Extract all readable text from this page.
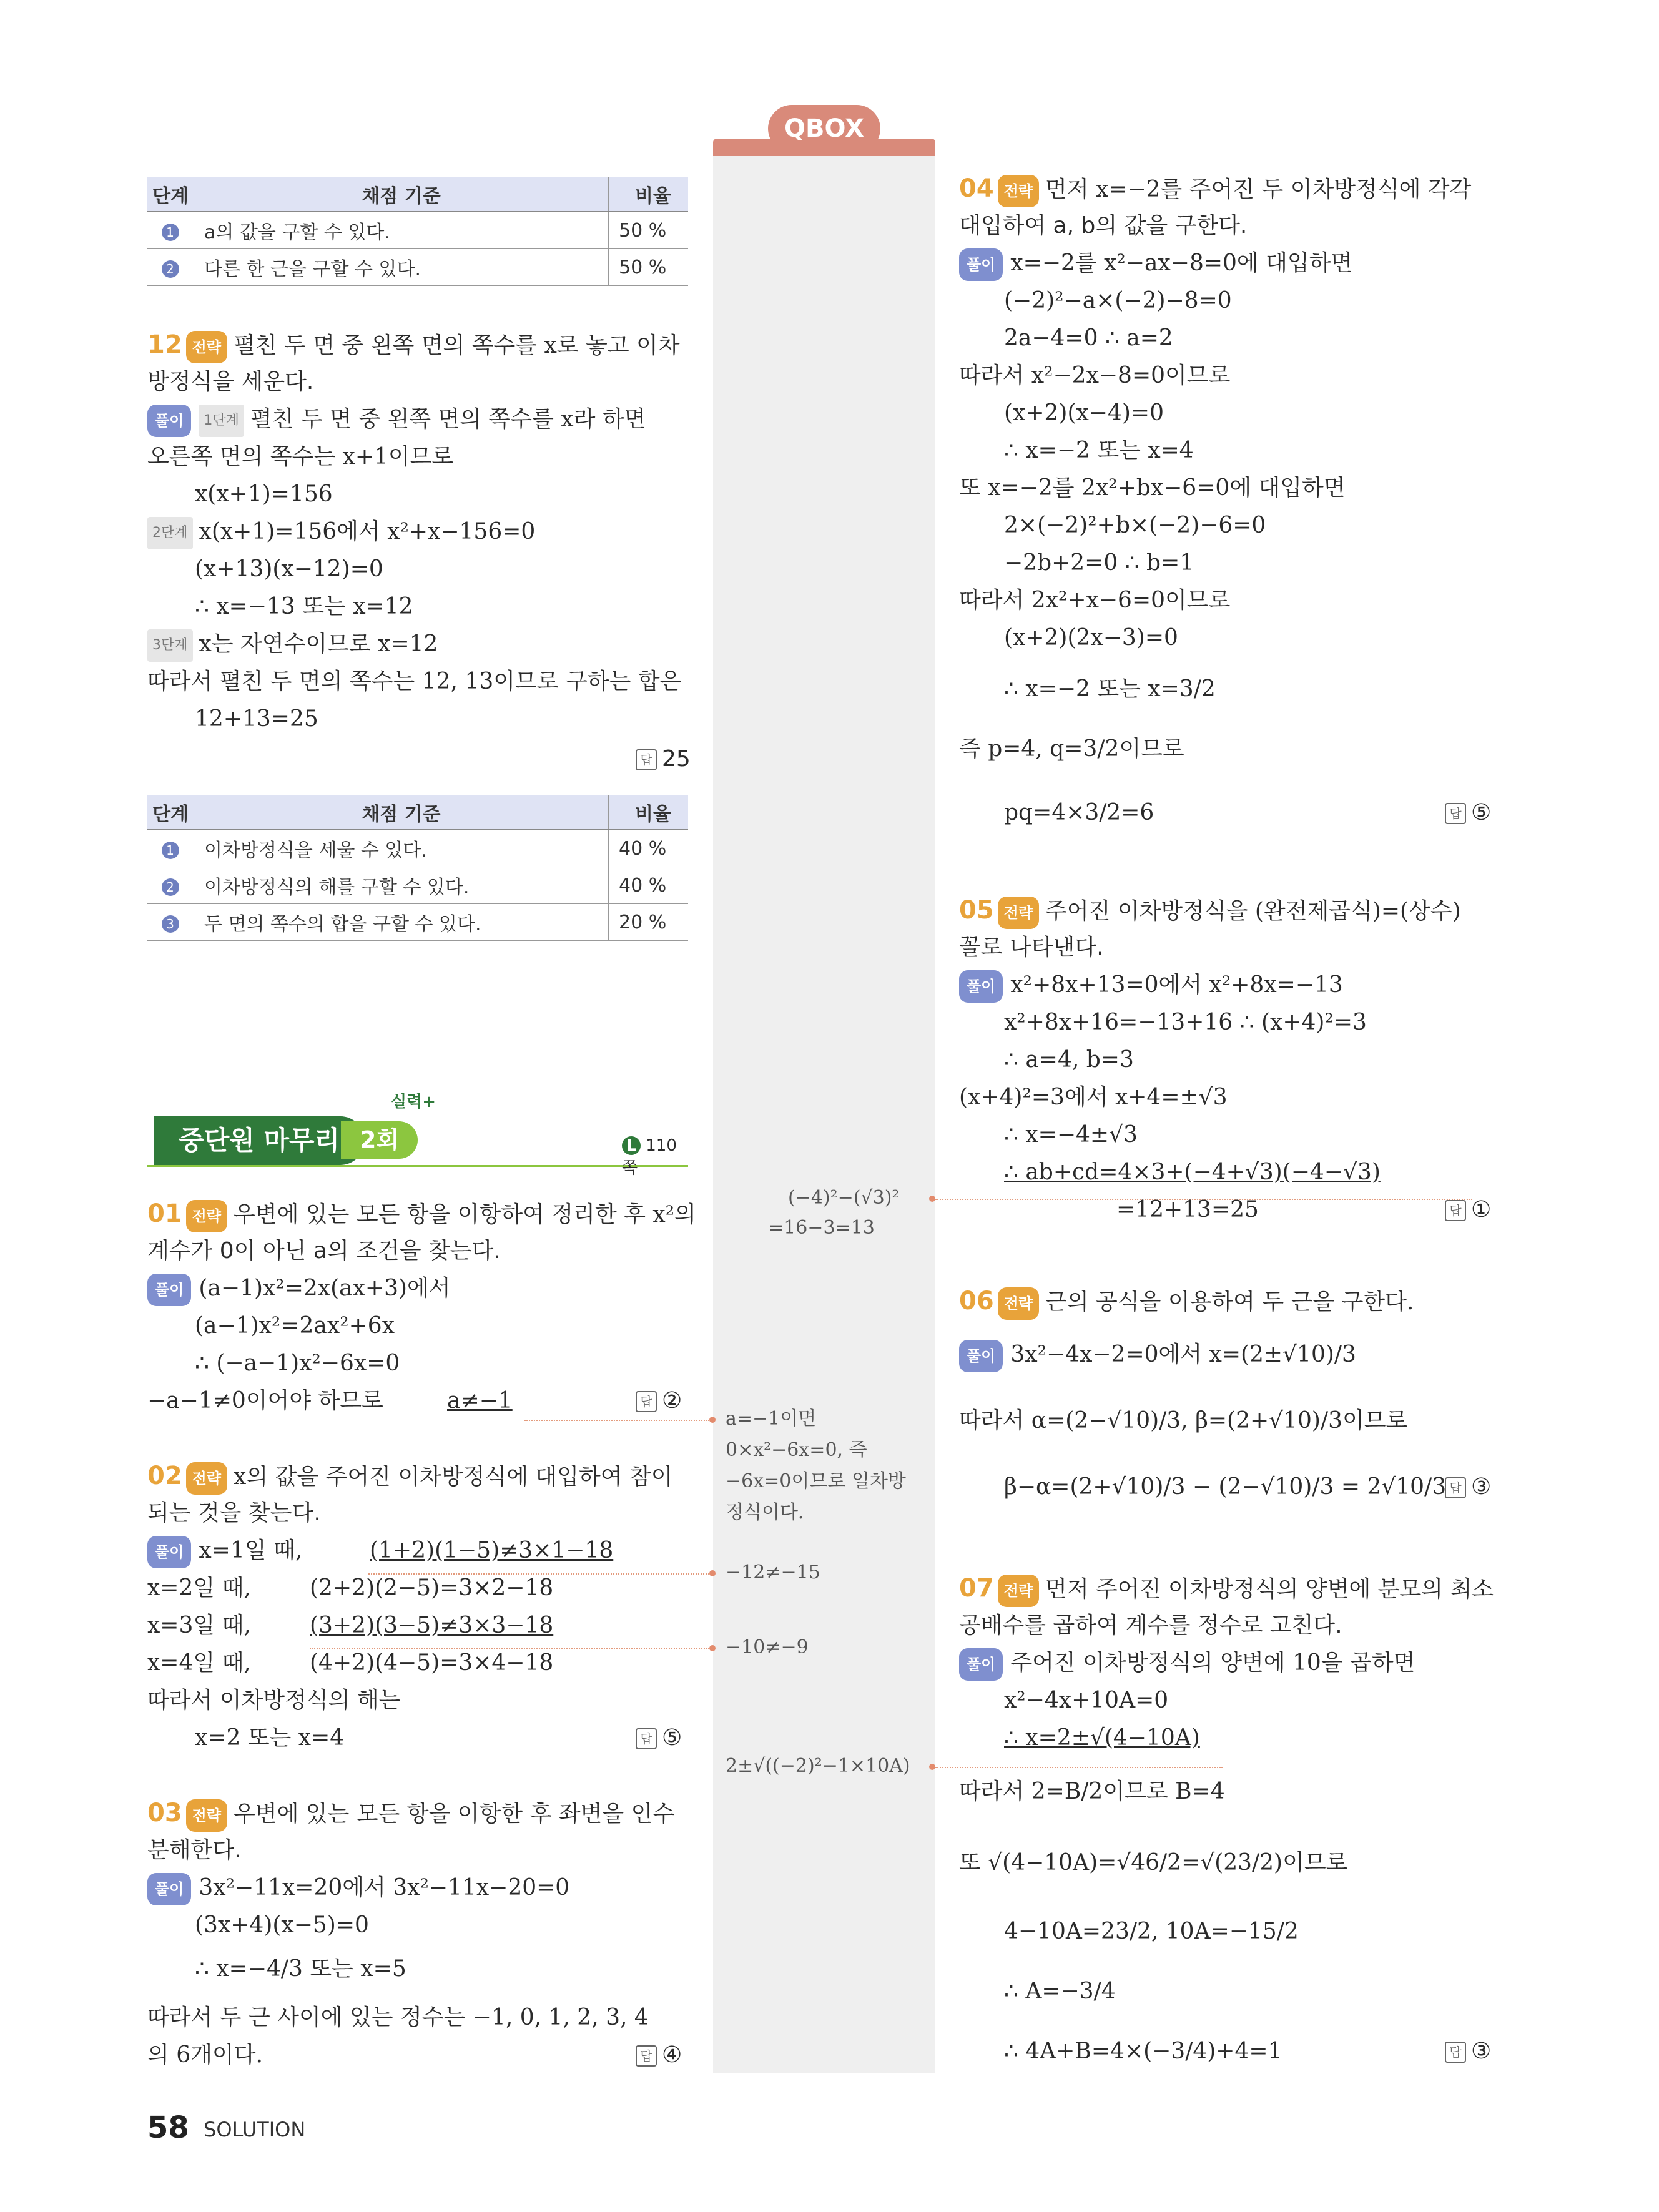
QBOX
단계	채점 기준	비율
1	a의 값을 구할 수 있다.	50 %
2	다른 한 근을 구할 수 있다.	50 %
12 전략 펼친 두 면 중 왼쪽 면의 쪽수를 x로 놓고 이차
방정식을 세운다.
풀이 1단계 펼친 두 면 중 왼쪽 면의 쪽수를 x라 하면
오른쪽 면의 쪽수는 x+1이므로
x(x+1)=156
2단계 x(x+1)=156에서 x²+x−156=0
(x+13)(x−12)=0
∴ x=−13 또는 x=12
3단계 x는 자연수이므로 x=12
따라서 펼친 두 면의 쪽수는 12, 13이므로 구하는 합은
12+13=25
답 25
단계	채점 기준	비율
1	이차방정식을 세울 수 있다.	40 %
2	이차방정식의 해를 구할 수 있다.	40 %
3	두 면의 쪽수의 합을 구할 수 있다.	20 %
중단원 마무리 2회
실력+
L 110쪽
01 전략 우변에 있는 모든 항을 이항하여 정리한 후 x²의
계수가 0이 아닌 a의 조건을 찾는다.
풀이 (a−1)x²=2x(ax+3)에서
(a−1)x²=2ax²+6x
∴ (−a−1)x²−6x=0
−a−1≠0이어야 하므로	a≠−1	답 ②
02 전략 x의 값을 주어진 이차방정식에 대입하여 참이
되는 것을 찾는다.
풀이 x=1일 때,	(1+2)(1−5)≠3×1−18
x=2일 때,	(2+2)(2−5)=3×2−18
x=3일 때,	(3+2)(3−5)≠3×3−18
x=4일 때,	(4+2)(4−5)=3×4−18
따라서 이차방정식의 해는
x=2 또는 x=4	답 ⑤
03 전략 우변에 있는 모든 항을 이항한 후 좌변을 인수
분해한다.
풀이 3x²−11x=20에서 3x²−11x−20=0
(3x+4)(x−5)=0
∴ x=−4/3 또는 x=5
따라서 두 근 사이에 있는 정수는 −1, 0, 1, 2, 3, 4
의 6개이다.	답 ④
(−4)²−(√3)²
=16−3=13
a=−1이면
0×x²−6x=0, 즉
−6x=0이므로 일차방
정식이다.
−12≠−15
−10≠−9
2±√((−2)²−1×10A)
04 전략 먼저 x=−2를 주어진 두 이차방정식에 각각
대입하여 a, b의 값을 구한다.
풀이 x=−2를 x²−ax−8=0에 대입하면
(−2)²−a×(−2)−8=0
2a−4=0 ∴ a=2
따라서 x²−2x−8=0이므로
(x+2)(x−4)=0
∴ x=−2 또는 x=4
또 x=−2를 2x²+bx−6=0에 대입하면
2×(−2)²+b×(−2)−6=0
−2b+2=0 ∴ b=1
따라서 2x²+x−6=0이므로
(x+2)(2x−3)=0
∴ x=−2 또는 x=3/2
즉 p=4, q=3/2이므로
pq=4×3/2=6	답 ⑤
05 전략 주어진 이차방정식을 (완전제곱식)=(상수)
꼴로 나타낸다.
풀이 x²+8x+13=0에서 x²+8x=−13
x²+8x+16=−13+16 ∴ (x+4)²=3
∴ a=4, b=3
(x+4)²=3에서 x+4=±√3
∴ x=−4±√3
∴ ab+cd=4×3+(−4+√3)(−4−√3)
=12+13=25	답 ①
06 전략 근의 공식을 이용하여 두 근을 구한다.
풀이 3x²−4x−2=0에서 x=(2±√10)/3
따라서 α=(2−√10)/3, β=(2+√10)/3이므로
β−α=(2+√10)/3 − (2−√10)/3 = 2√10/3 답 ③
07 전략 먼저 주어진 이차방정식의 양변에 분모의 최소
공배수를 곱하여 계수를 정수로 고친다.
풀이 주어진 이차방정식의 양변에 10을 곱하면
x²−4x+10A=0
∴ x=2±√(4−10A)
따라서 2=B/2이므로 B=4
또 √(4−10A)=√46/2=√(23/2)이므로
4−10A=23/2, 10A=−15/2
∴ A=−3/4
∴ 4A+B=4×(−3/4)+4=1	답 ③
58 SOLUTION
